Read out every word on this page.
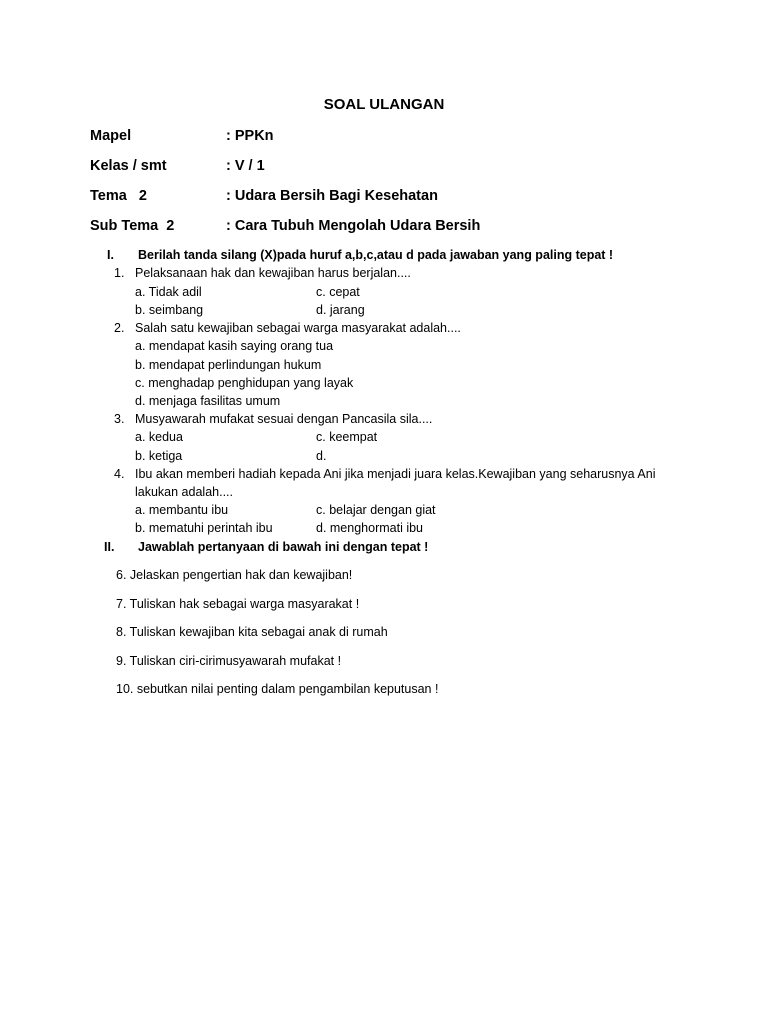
SOAL ULANGAN
Mapel	: PPKn
Kelas / smt	: V / 1
Tema   2	: Udara Bersih Bagi Kesehatan
Sub Tema  2	: Cara Tubuh Mengolah Udara Bersih
I. Berilah tanda silang (X)pada huruf a,b,c,atau d pada jawaban yang paling tepat !
1. Pelaksanaan hak dan kewajiban harus berjalan....
a. Tidak adil	c. cepat
b. seimbang	d. jarang
2. Salah satu kewajiban sebagai warga masyarakat adalah....
a. mendapat kasih saying orang tua
b. mendapat perlindungan hukum
c. menghadap penghidupan yang layak
d. menjaga fasilitas umum
3. Musyawarah mufakat sesuai dengan Pancasila sila....
a. kedua	c. keempat
b. ketiga	d.
4. Ibu akan memberi hadiah kepada Ani jika menjadi juara kelas.Kewajiban yang seharusnya Ani
lakukan adalah....
a. membantu ibu	c. belajar dengan giat
b. mematuhi perintah ibu	d. menghormati ibu
II. Jawablah pertanyaan di bawah ini dengan tepat !
6. Jelaskan pengertian hak dan kewajiban!
7. Tuliskan hak sebagai warga masyarakat !
8. Tuliskan kewajiban kita sebagai anak di rumah
9. Tuliskan ciri-cirimusyawarah mufakat !
10. sebutkan nilai penting dalam pengambilan keputusan !
